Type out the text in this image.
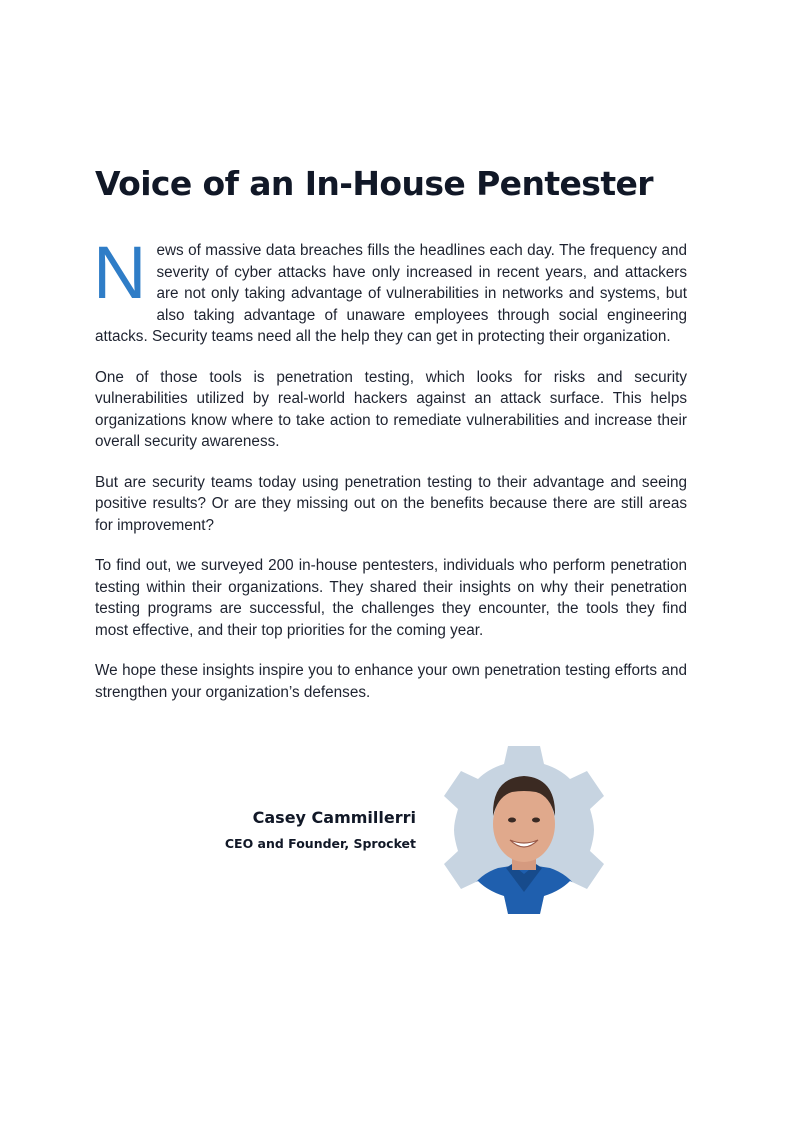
Voice of an In-House Pentester

News of massive data breaches fills the headlines each day. The frequency and severity of cyber attacks have only increased in recent years, and attackers are not only taking advantage of vulnerabilities in networks and systems, but also taking advantage of unaware employees through social engineering attacks. Security teams need all the help they can get in protecting their organization.

One of those tools is penetration testing, which looks for risks and security vulnerabilities utilized by real-world hackers against an attack surface. This helps organizations know where to take action to remediate vulnerabilities and increase their overall security awareness.

But are security teams today using penetration testing to their advantage and seeing positive results? Or are they missing out on the benefits because there are still areas for improvement?

To find out, we surveyed 200 in-house pentesters, individuals who perform penetration testing within their organizations. They shared their insights on why their penetration testing programs are successful, the challenges they encounter, the tools they find most effective, and their top priorities for the coming year.

We hope these insights inspire you to enhance your own penetration testing efforts and strengthen your organization’s defenses.

Casey Cammillerri
CEO and Founder, Sprocket
